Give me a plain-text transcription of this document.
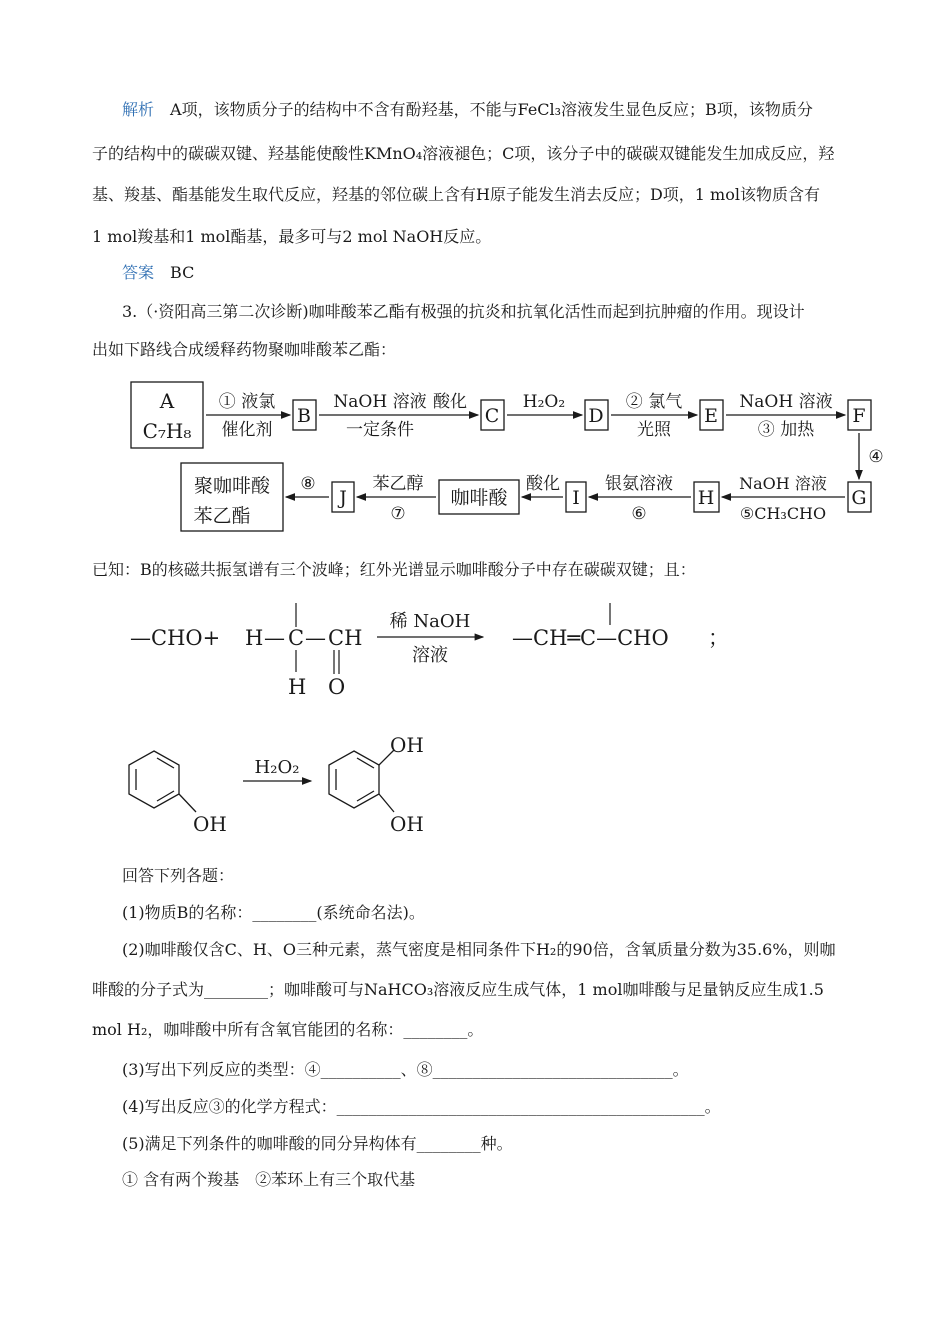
解析　 A项，该物质分子的结构中不含有酚羟基，不能与FeCl₃溶液发生显色反应；B项，该物质分
子的结构中的碳碳双键、羟基能使酸性KMnO₄溶液褪色；C项，该分子中的碳碳双键能发生加成反应，羟
基、羧基、酯基能发生取代反应，羟基的邻位碳上含有H原子能发生消去反应；D项，1 mol该物质含有
1 mol羧基和1 mol酯基，最多可与2 mol NaOH反应。
答案　 BC
3.（·资阳高三第二次诊断)咖啡酸苯乙酯有极强的抗炎和抗氧化活性而起到抗肿瘤的作用。现设计
出如下路线合成缓释药物聚咖啡酸苯乙酯：
A
C₇H₈
B	C	D	E	F
① 液氯
催化剂
NaOH 溶液
一定条件
酸化	H₂O₂	② 氯气
光照
NaOH 溶液
③ 加热
④
G
H
I
咖啡酸
J
聚咖啡酸
苯乙酯
NaOH 溶液
⑤CH₃CHO
银氨溶液
⑥
酸化
苯乙醇
⑦
⑧
已知：B的核磁共振氢谱有三个波峰；红外光谱显示咖啡酸分子中存在碳碳双键；且：
—CHO+ H — C — CH
H O
稀 NaOH
溶液
—CH═C—CHO ；
OH
H₂O₂
OH
OH
回答下列各题：
(1)物质B的名称：________(系统命名法)。
(2)咖啡酸仅含C、H、O三种元素，蒸气密度是相同条件下H₂的90倍，含氧质量分数为35.6%，则咖
啡酸的分子式为________；咖啡酸可与NaHCO₃溶液反应生成气体，1 mol咖啡酸与足量钠反应生成1.5
mol H₂，咖啡酸中所有含氧官能团的名称：________。
(3)写出下列反应的类型：④__________、⑧______________________________。
(4)写出反应③的化学方程式：______________________________________________。
(5)满足下列条件的咖啡酸的同分异构体有________种。
① 含有两个羧基　②苯环上有三个取代基
